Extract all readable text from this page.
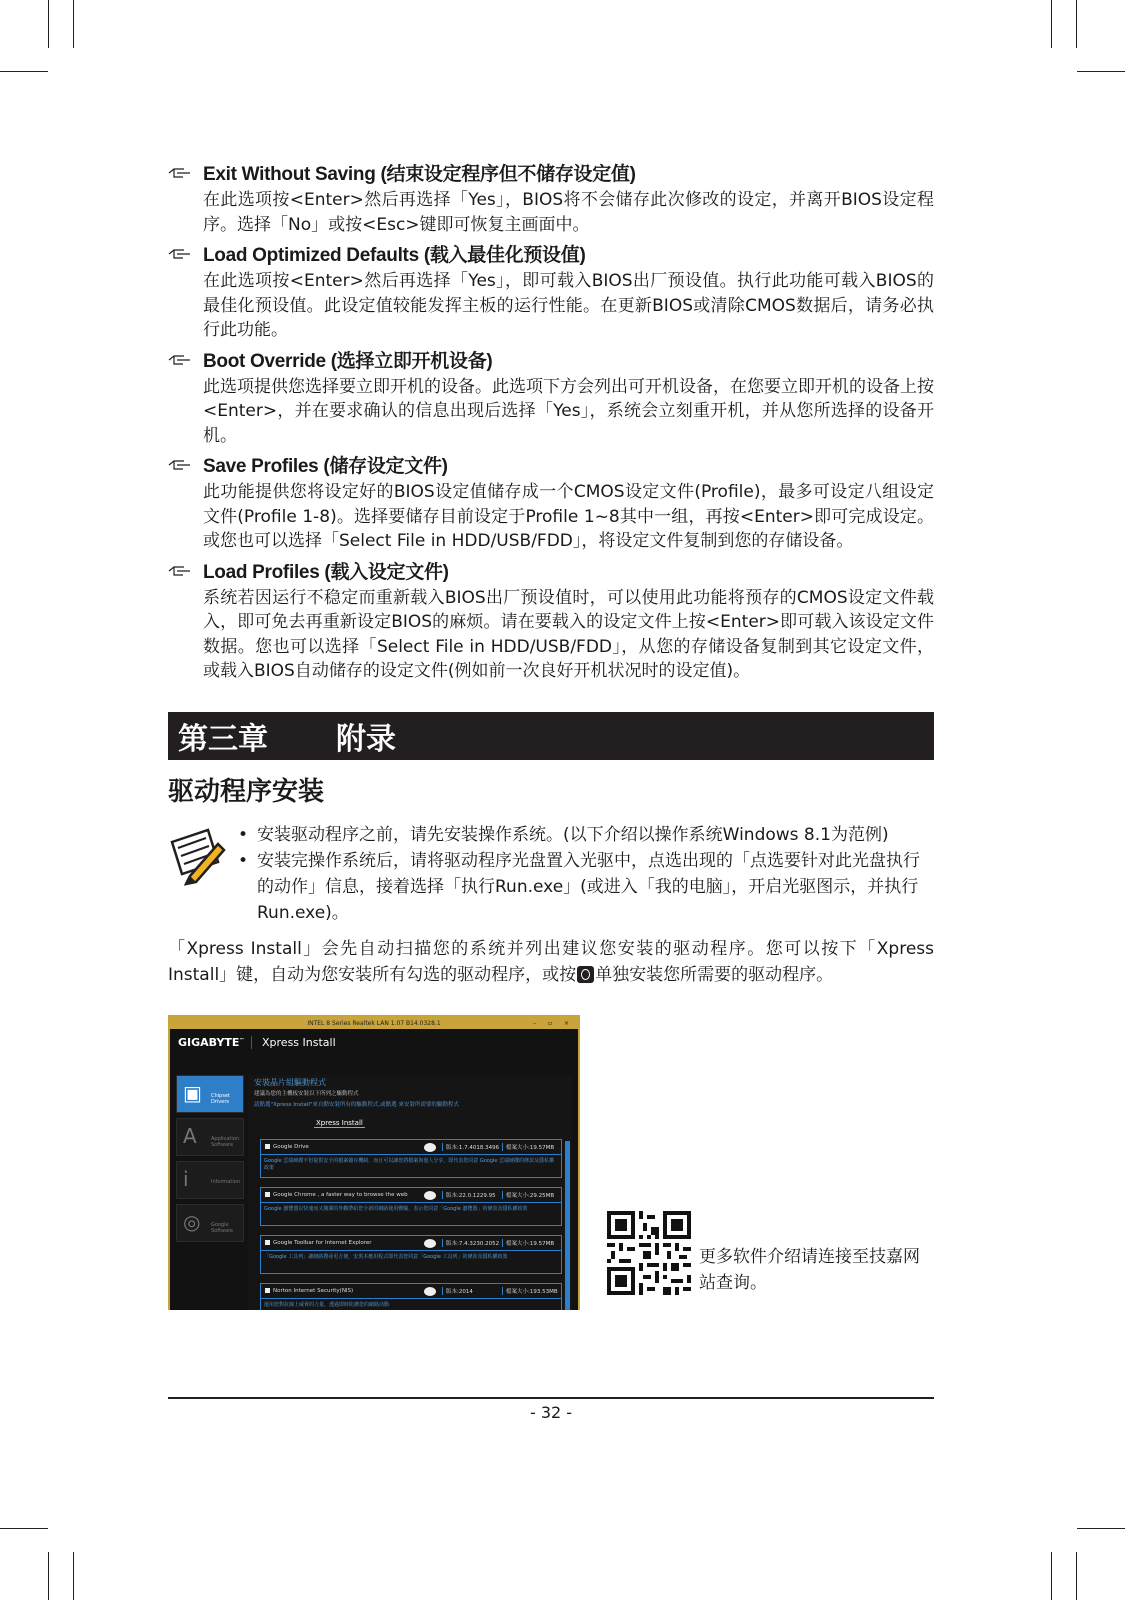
Exit Without Saving (结束设定程序但不储存设定值)

在此选项按<Enter>然后再选择「Yes」，BIOS将不会储存此次修改的设定，并离开BIOS设定程序。选择「No」或按<Esc>键即可恢复主画面中。

Load Optimized Defaults (载入最佳化预设值)

在此选项按<Enter>然后再选择「Yes」，即可载入BIOS出厂预设值。执行此功能可载入BIOS的最佳化预设值。此设定值较能发挥主板的运行性能。在更新BIOS或清除CMOS数据后，请务必执行此功能。

Boot Override (选择立即开机设备)

此选项提供您选择要立即开机的设备。此选项下方会列出可开机设备，在您要立即开机的设备上按<Enter>，并在要求确认的信息出现后选择「Yes」，系统会立刻重开机，并从您所选择的设备开机。

Save Profiles (储存设定文件)

此功能提供您将设定好的BIOS设定值储存成一个CMOS设定文件(Profile)，最多可设定八组设定文件(Profile 1-8)。选择要储存目前设定于Profile 1~8其中一组，再按<Enter>即可完成设定。或您也可以选择「Select File in HDD/USB/FDD」，将设定文件复制到您的存储设备。

Load Profiles (载入设定文件)

系统若因运行不稳定而重新载入BIOS出厂预设值时，可以使用此功能将预存的CMOS设定文件载入，即可免去再重新设定BIOS的麻烦。请在要载入的设定文件上按<Enter>即可载入该设定文件数据。您也可以选择「Select File in HDD/USB/FDD」，从您的存储设备复制到其它设定文件，或载入BIOS自动储存的设定文件(例如前一次良好开机状况时的设定值)。

第三章 附录
驱动程序安装
• 安装驱动程序之前，请先安装操作系统。(以下介绍以操作系统Windows 8.1为范例)
• 安装完操作系统后，请将驱动程序光盘置入光驱中，点选出现的「点选要针对此光盘执行的动作」信息，接着选择「执行Run.exe」(或进入「我的电脑」，开启光驱图示，并执行Run.exe)。

「Xpress Install」会先自动扫描您的系统并列出建议您安装的驱动程序。您可以按下「Xpress Install」键，自动为您安装所有勾选的驱动程序，或按 单独安装您所需要的驱动程序。

INTEL 8 Series Realtek LAN 1.07 B14.0328.1	– ▫ ×
GIGABYTE™	Xpress Install
▣ Chipset Drivers
A	Application Software
i	Information
◎ Google Software
安裝晶片組驅動程式
建議為您的主機板安裝以下所列之驅動程式
請點選"Xpress Install"來自動安裝所有的驅動程式,或點選 來安裝所需要的驅動程式
Xpress Install
Google Drive	版本:1.7.4018.3496	檔案大小:19.57MB
Google 雲端硬碟不但提供安全的檔案儲存機制，而且可以讓您將檔案與他人分享，即代表您同意 Google 雲端硬碟的條款及隱私權政策
Google Chrome , a faster way to browse the web	版本:22.0.1229.95	檔案大小:29.25MB
Google 瀏覽器以快速而又簡潔的外觀帶給您全新的網路使用體驗，表示您同意「Google 瀏覽器」的條款及隱私權政策
Google Toolbar for Internet Explorer	版本:7.4.3230.2052	檔案大小:19.57MB
「Google 工具列」讓網路搜尋更方便，安裝本應用程式即代表您同意「Google 工具列」的條款及隱私權政策
Norton Internet Security(NIS)	版本:2014	檔案大小:193.53MB
運用您對抗線上威脅的力量，透過即時防護您的網路活動
更多软件介绍请连接至技嘉网站查询。
- 32 -
